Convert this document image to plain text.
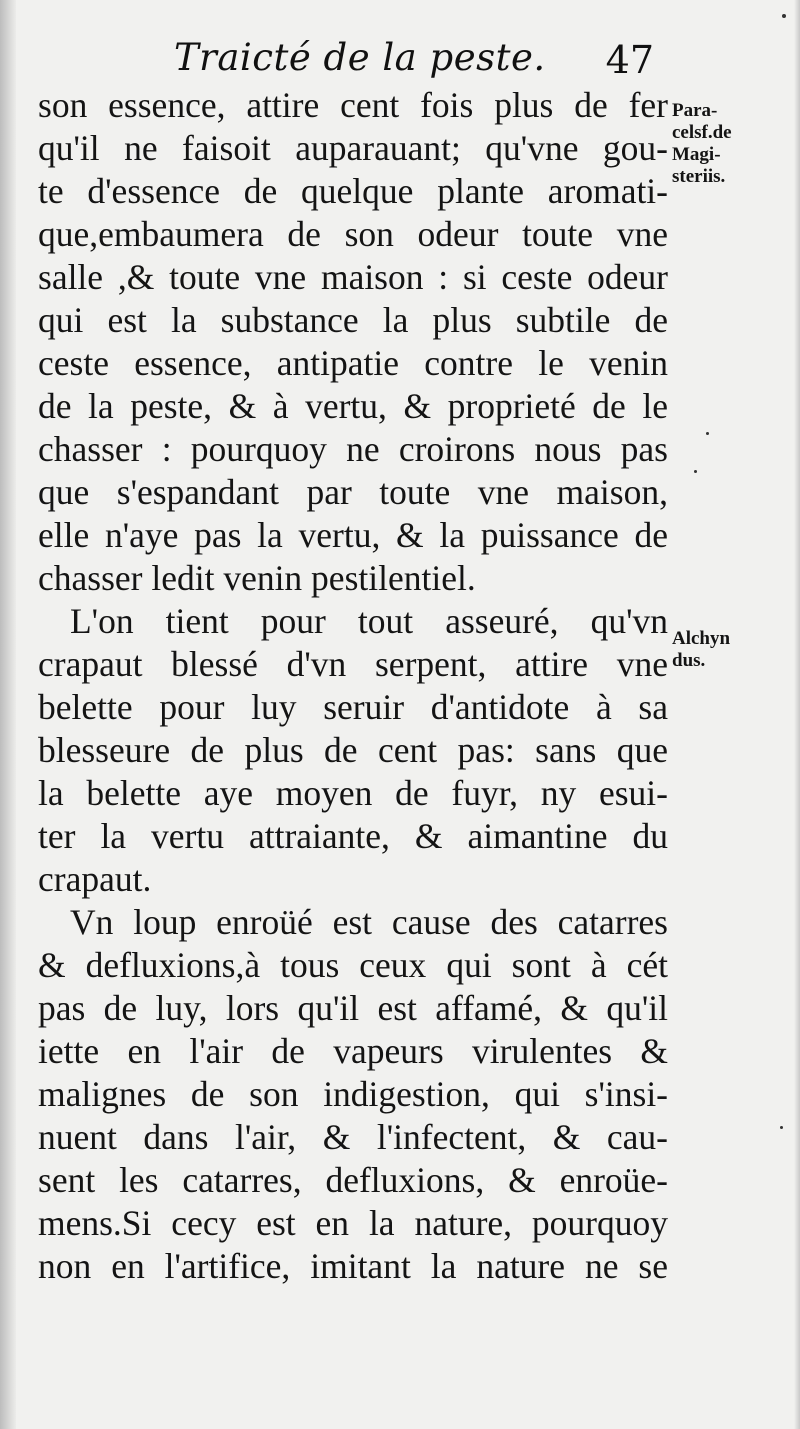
Traicté de la peste. 47
son essence, attire cent fois plus de fer
qu'il ne faisoit auparauant; qu'vne gou-
te d'essence de quelque plante aromati-
que,embaumera de son odeur toute vne
salle ,& toute vne maison : si ceste odeur
qui est la substance la plus subtile de
ceste essence, antipatie contre le venin
de la peste, & à vertu, & proprieté de le
chasser : pourquoy ne croirons nous pas
que s'espandant par toute vne maison,
elle n'aye pas la vertu, & la puissance de
chasser ledit venin pestilentiel.
L'on tient pour tout asseuré, qu'vn
crapaut blessé d'vn serpent, attire vne
belette pour luy seruir d'antidote à sa
blesseure de plus de cent pas: sans que
la belette aye moyen de fuyr, ny esui-
ter la vertu attraiante, & aimantine du
crapaut.
Vn loup enroüé est cause des catarres
& defluxions,à tous ceux qui sont à cét
pas de luy, lors qu'il est affamé, & qu'il
iette en l'air de vapeurs virulentes &
malignes de son indigestion, qui s'insi-
nuent dans l'air, & l'infectent, & cau-
sent les catarres, defluxions, & enroüe-
mens.Si cecy est en la nature, pourquoy
non en l'artifice, imitant la nature ne se
Para-
celsf.de
Magi-
steriis.
Alchyn
dus.
